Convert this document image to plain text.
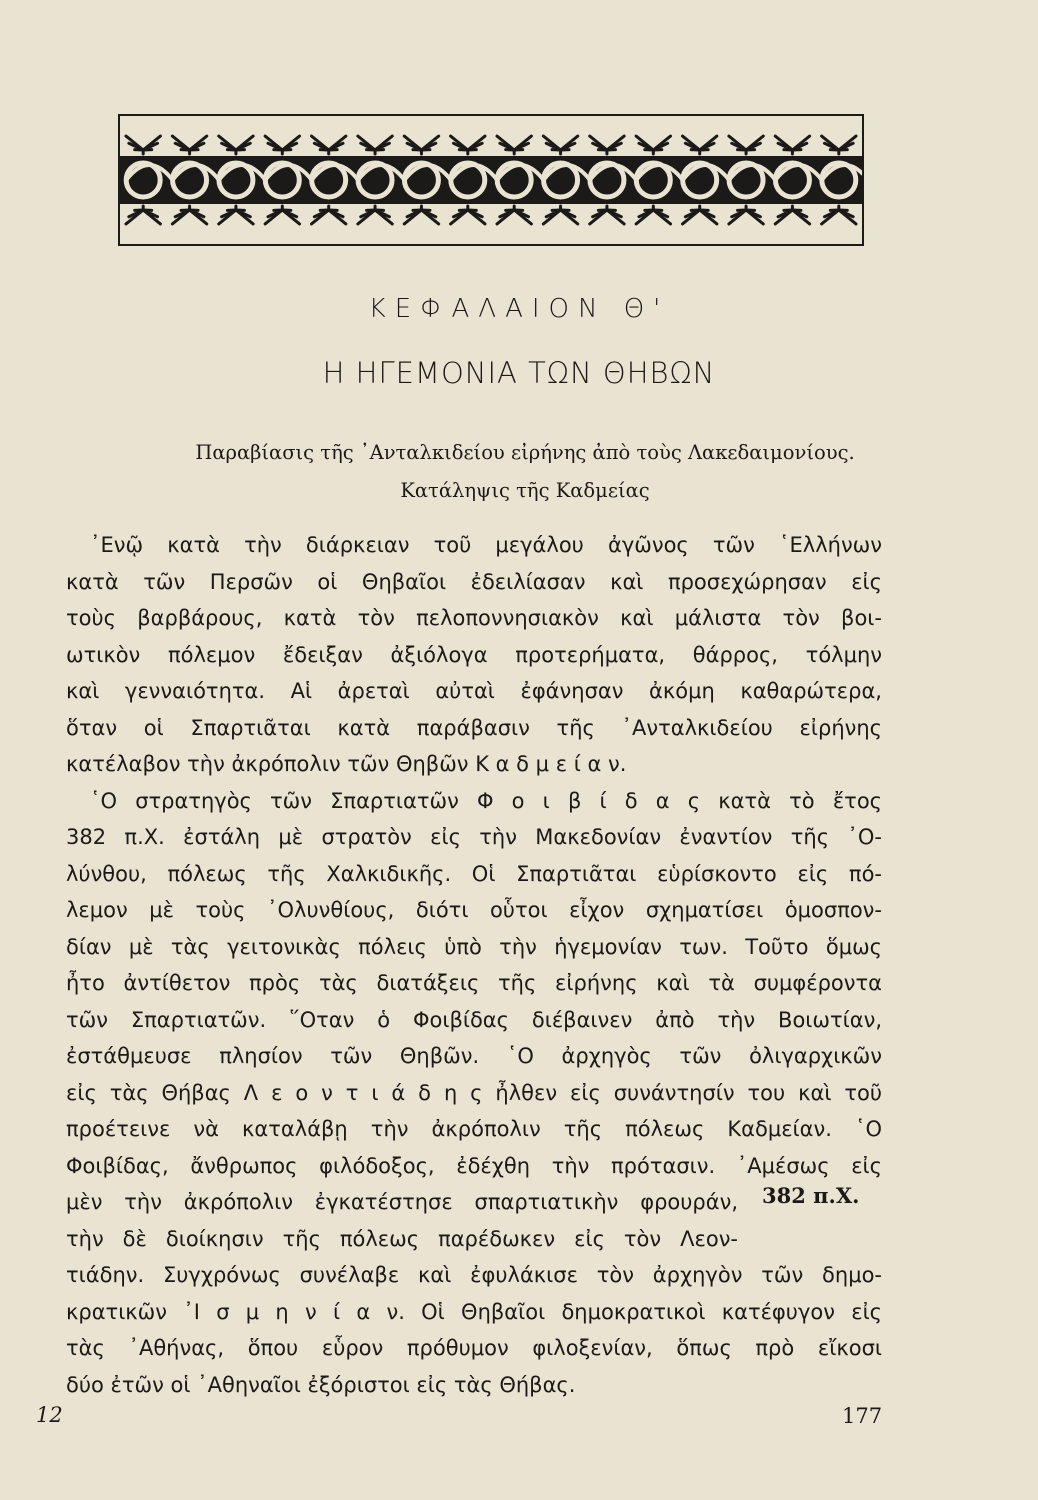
ΚΕΦΑΛΑΙΟΝ Θ'
Η ΗΓΕΜΟΝΙΑ ΤΩΝ ΘΗΒΩΝ
Παραβίασις τῆς ᾿Ανταλκιδείου εἰρήνης ἀπὸ τοὺς Λακεδαιμονίους.
Κατάληψις τῆς Καδμείας
᾿Ενῷ κατὰ τὴν διάρκειαν τοῦ μεγάλου ἀγῶνος τῶν ῾Ελλήνων
κατὰ τῶν Περσῶν οἱ Θηβαῖοι ἐδειλίασαν καὶ προσεχώρησαν εἰς
τοὺς βαρβάρους, κατὰ τὸν πελοποννησιακὸν καὶ μάλιστα τὸν βοι-
ωτικὸν πόλεμον ἔδειξαν ἀξιόλογα προτερήματα, θάρρος, τόλμην
καὶ γενναιότητα. Αἱ ἀρεταὶ αὐταὶ ἐφάνησαν ἀκόμη καθαρώτερα,
ὅταν οἱ Σπαρτιᾶται κατὰ παράβασιν τῆς ᾿Ανταλκιδείου εἰρήνης
κατέλαβον τὴν ἀκρόπολιν τῶν Θηβῶν Κ α δ μ ε ί α ν.
῾Ο στρατηγὸς τῶν Σπαρτιατῶν Φ ο ι β ί δ α ς κατὰ τὸ ἔτος
382 π.Χ. ἐστάλη μὲ στρατὸν εἰς τὴν Μακεδονίαν ἐναντίον τῆς ᾿Ο-
λύνθου, πόλεως τῆς Χαλκιδικῆς. Οἱ Σπαρτιᾶται εὑρίσκοντο εἰς πό-
λεμον μὲ τοὺς ᾿Ολυνθίους, διότι οὗτοι εἶχον σχηματίσει ὁμοσπον-
δίαν μὲ τὰς γειτονικὰς πόλεις ὑπὸ τὴν ἡγεμονίαν των. Τοῦτο ὅμως
ἦτο ἀντίθετον πρὸς τὰς διατάξεις τῆς εἰρήνης καὶ τὰ συμφέροντα
τῶν Σπαρτιατῶν. ῞Οταν ὁ Φοιβίδας διέβαινεν ἀπὸ τὴν Βοιωτίαν,
ἐστάθμευσε πλησίον τῶν Θηβῶν. ῾Ο ἀρχηγὸς τῶν ὀλιγαρχικῶν
εἰς τὰς Θήβας Λ ε ο ν τ ι ά δ η ς ἦλθεν εἰς συνάντησίν του καὶ τοῦ
προέτεινε νὰ καταλάβῃ τὴν ἀκρόπολιν τῆς πόλεως Καδμείαν. ῾Ο
Φοιβίδας, ἄνθρωπος φιλόδοξος, ἐδέχθη τὴν πρότασιν. ᾿Αμέσως εἰς
μὲν τὴν ἀκρόπολιν ἐγκατέστησε σπαρτιατικὴν φρουράν,
τὴν δὲ διοίκησιν τῆς πόλεως παρέδωκεν εἰς τὸν Λεον-
τιάδην. Συγχρόνως συνέλαβε καὶ ἐφυλάκισε τὸν ἀρχηγὸν τῶν δημο-
κρατικῶν ᾿Ι σ μ η ν ί α ν. Οἱ Θηβαῖοι δημοκρατικοὶ κατέφυγον εἰς
τὰς ᾿Αθήνας, ὅπου εὗρον πρόθυμον φιλοξενίαν, ὅπως πρὸ εἴκοσι
δύο ἐτῶν οἱ ᾿Αθηναῖοι ἐξόριστοι εἰς τὰς Θήβας.
382 π.Χ.
12	177
